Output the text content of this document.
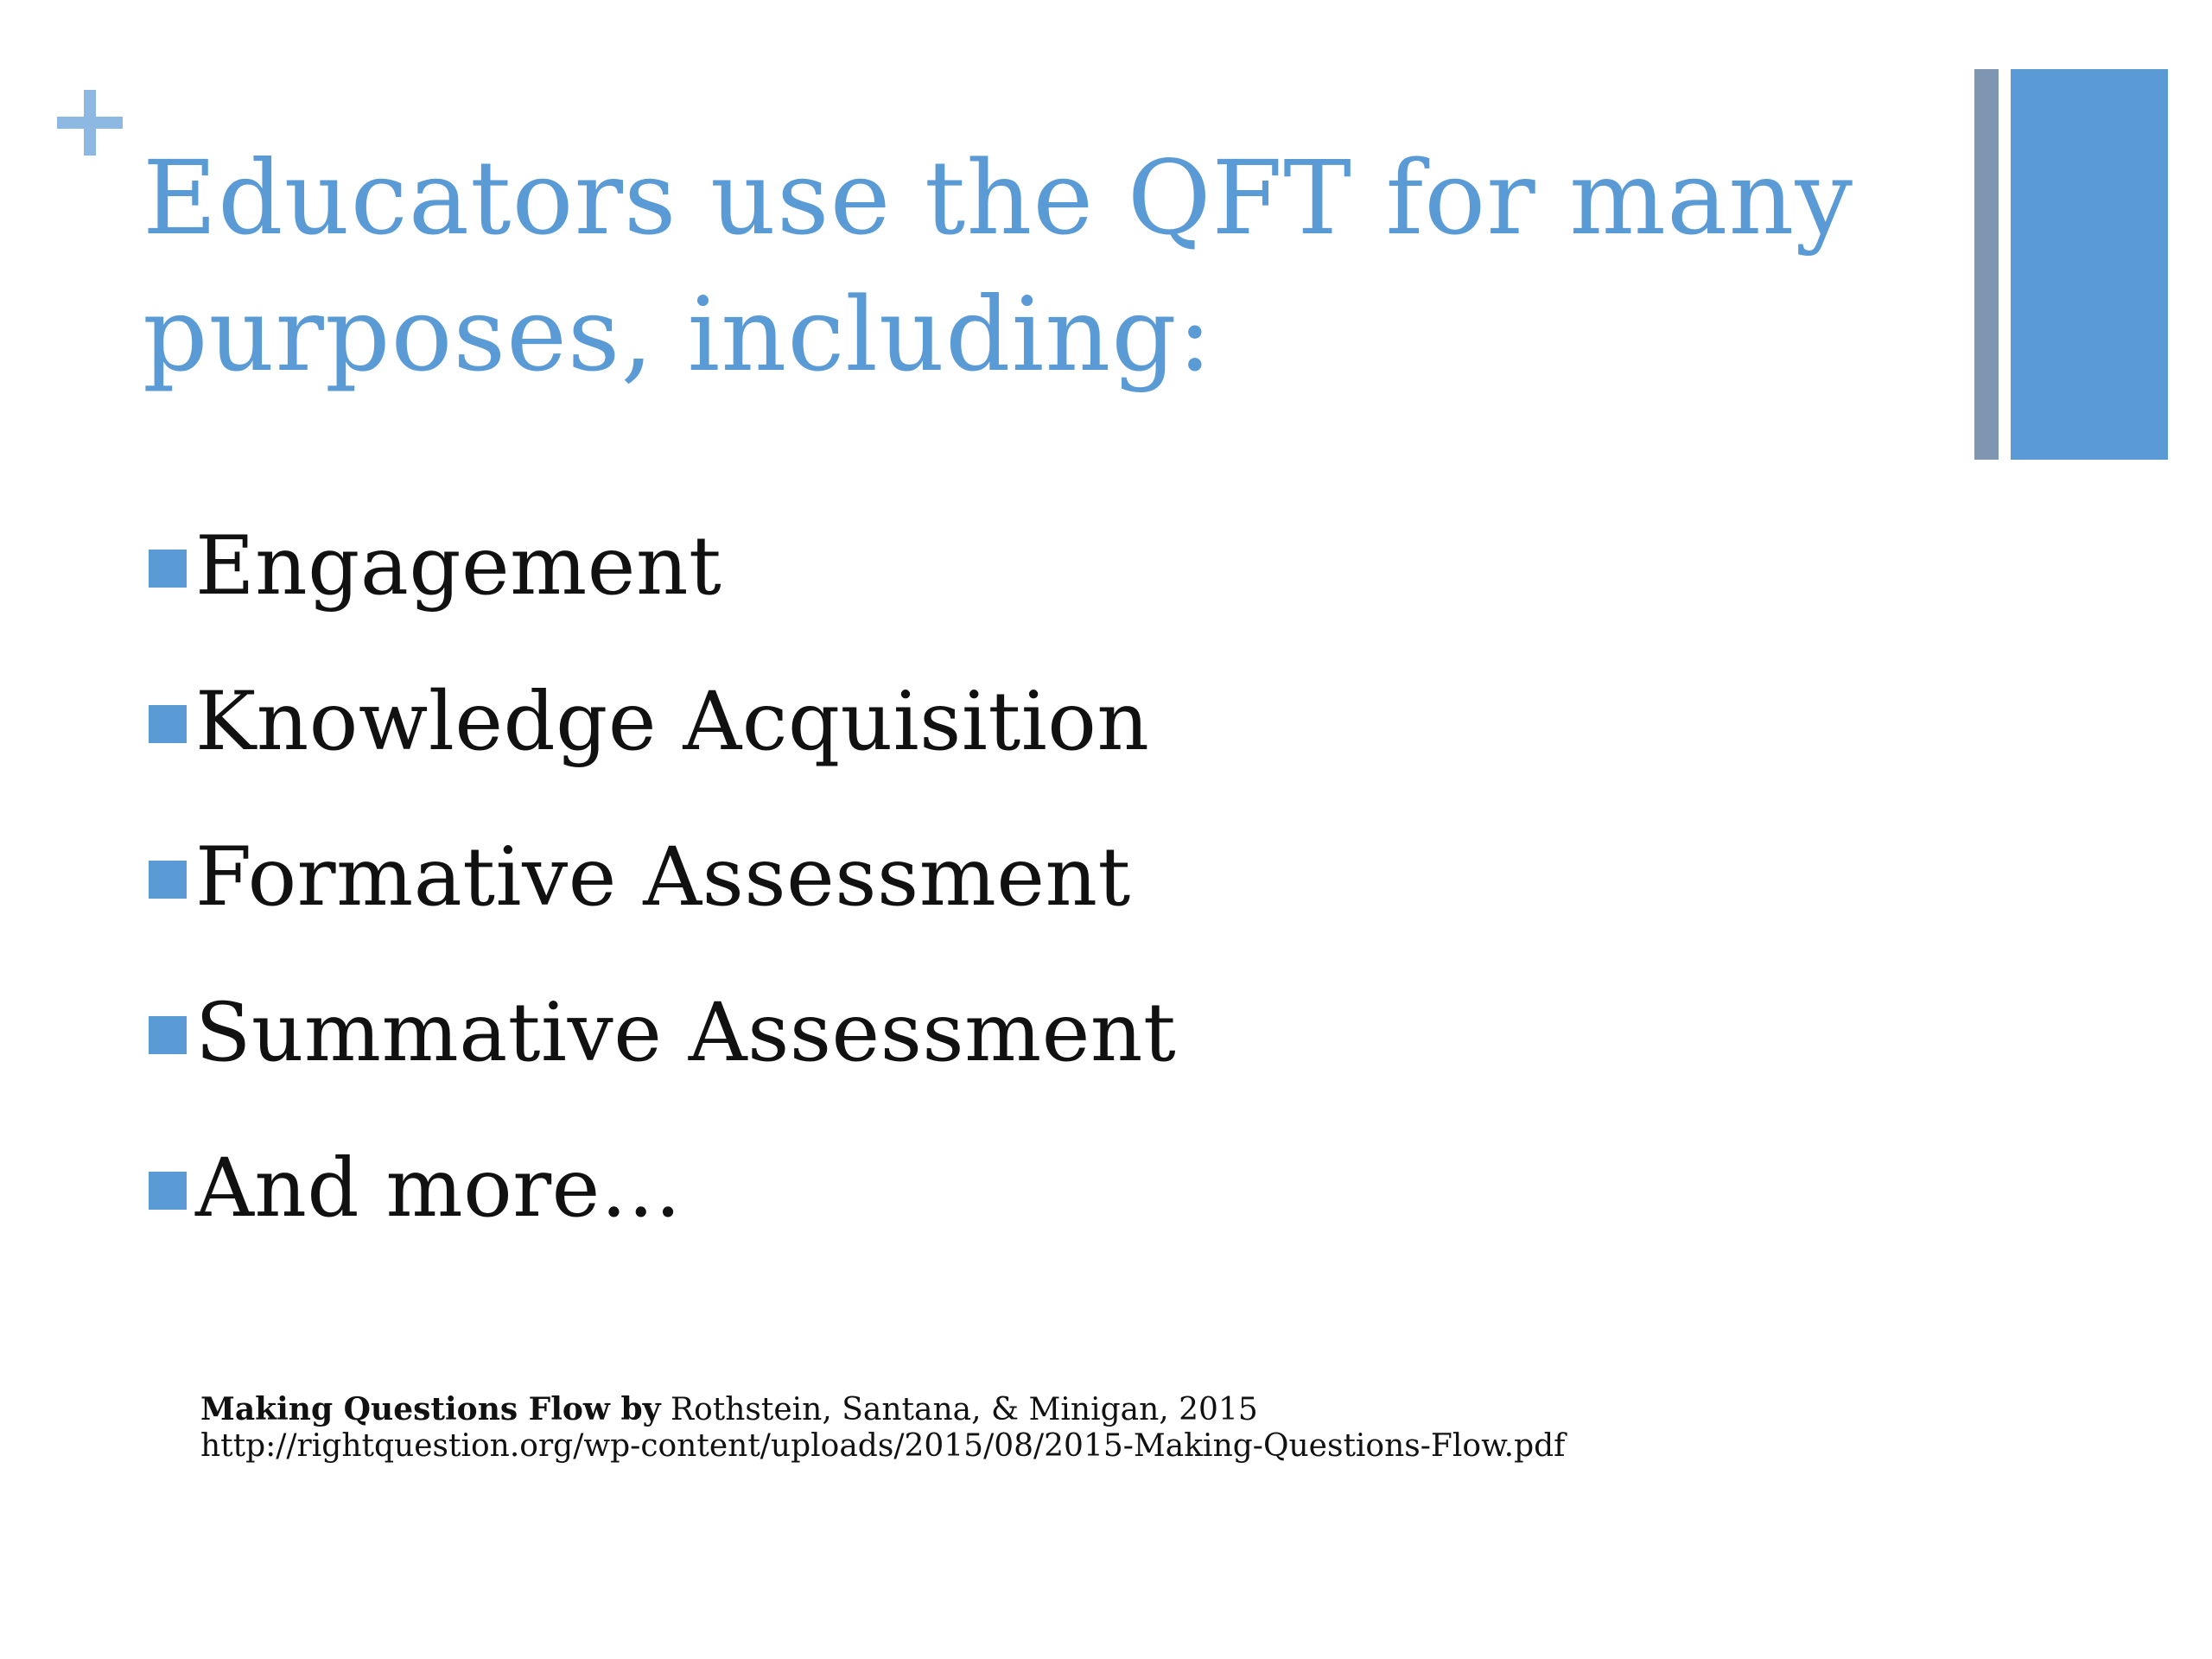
Educators use the QFT for many purposes, including:
Engagement
Knowledge Acquisition
Formative Assessment
Summative Assessment
And more…
Making Questions Flow by Rothstein, Santana, & Minigan, 2015
http://rightquestion.org/wp-content/uploads/2015/08/2015-Making-Questions-Flow.pdf
